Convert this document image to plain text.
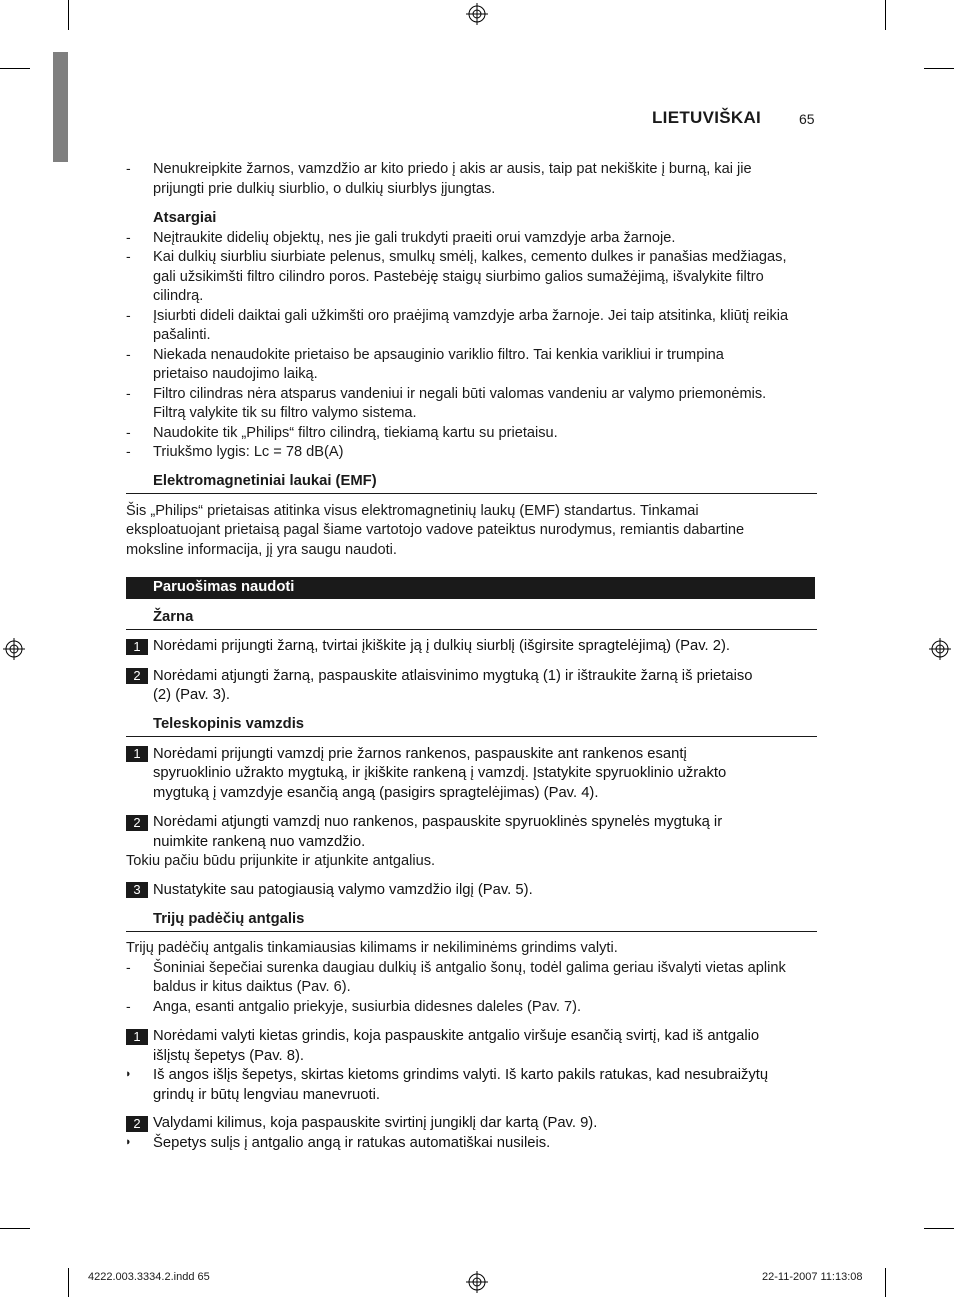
LIETUVIŠKAI	65
- Nenukreipkite žarnos, vamzdžio ar kito priedo į akis ar ausis, taip pat nekiškite į burną, kai jie
prijungti prie dulkių siurblio, o dulkių siurblys įjungtas.
Atsargiai
- Neįtraukite didelių objektų, nes jie gali trukdyti praeiti orui vamzdyje arba žarnoje.
- Kai dulkių siurbliu siurbiate pelenus, smulkų smėlį, kalkes, cemento dulkes ir panašias medžiagas,
gali užsikimšti filtro cilindro poros. Pastebėję staigų siurbimo galios sumažėjimą, išvalykite filtro
cilindrą.
- Įsiurbti dideli daiktai gali užkimšti oro praėjimą vamzdyje arba žarnoje. Jei taip atsitinka, kliūtį reikia
pašalinti.
- Niekada nenaudokite prietaiso be apsauginio variklio filtro. Tai kenkia varikliui ir trumpina
prietaiso naudojimo laiką.
- Filtro cilindras nėra atsparus vandeniui ir negali būti valomas vandeniu ar valymo priemonėmis.
Filtrą valykite tik su filtro valymo sistema.
- Naudokite tik „Philips“ filtro cilindrą, tiekiamą kartu su prietaisu.
- Triukšmo lygis: Lc = 78 dB(A)
Elektromagnetiniai laukai (EMF)
Šis „Philips“ prietaisas atitinka visus elektromagnetinių laukų (EMF) standartus. Tinkamai
eksploatuojant prietaisą pagal šiame vartotojo vadove pateiktus nurodymus, remiantis dabartine
moksline informacija, jį yra saugu naudoti.
Paruošimas naudoti
Žarna
1 Norėdami prijungti žarną, tvirtai įkiškite ją į dulkių siurblį (išgirsite spragtelėjimą) (Pav. 2).
2 Norėdami atjungti žarną, paspauskite atlaisvinimo mygtuką (1) ir ištraukite žarną iš prietaiso
(2) (Pav. 3).
Teleskopinis vamzdis
1 Norėdami prijungti vamzdį prie žarnos rankenos, paspauskite ant rankenos esantį
spyruoklinio užrakto mygtuką, ir įkiškite rankeną į vamzdį. Įstatykite spyruoklinio užrakto
mygtuką į vamzdyje esančią angą (pasigirs spragtelėjimas) (Pav. 4).
2 Norėdami atjungti vamzdį nuo rankenos, paspauskite spyruoklinės spynelės mygtuką ir
nuimkite rankeną nuo vamzdžio.
Tokiu pačiu būdu prijunkite ir atjunkite antgalius.
3 Nustatykite sau patogiausią valymo vamzdžio ilgį (Pav. 5).
Trijų padėčių antgalis
Trijų padėčių antgalis tinkamiausias kilimams ir nekiliminėms grindims valyti.
- Šoniniai šepečiai surenka daugiau dulkių iš antgalio šonų, todėl galima geriau išvalyti vietas aplink
baldus ir kitus daiktus (Pav. 6).
- Anga, esanti antgalio priekyje, susiurbia didesnes daleles (Pav. 7).
1 Norėdami valyti kietas grindis, koja paspauskite antgalio viršuje esančią svirtį, kad iš antgalio
išlįstų šepetys (Pav. 8).
◗ Iš angos išlįs šepetys, skirtas kietoms grindims valyti. Iš karto pakils ratukas, kad nesubraižytų
grindų ir būtų lengviau manevruoti.
2 Valydami kilimus, koja paspauskite svirtinį jungiklį dar kartą (Pav. 9).
◗ Šepetys sulįs į antgalio angą ir ratukas automatiškai nusileis.
4222.003.3334.2.indd 65	22-11-2007 11:13:08
